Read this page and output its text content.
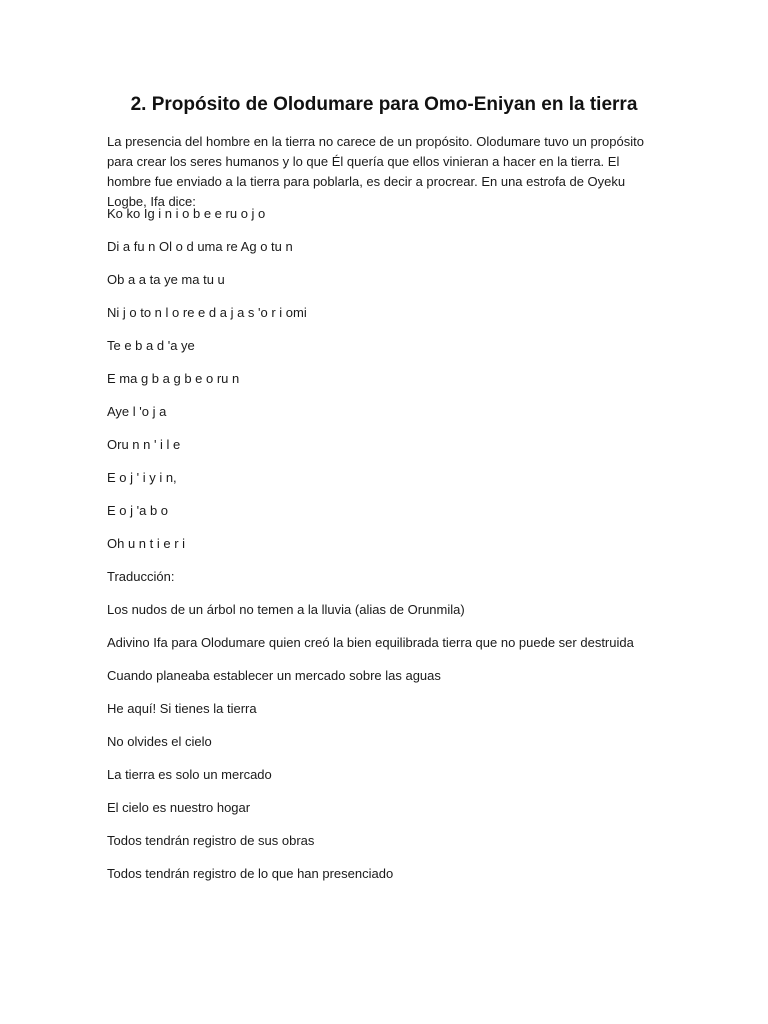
2. Propósito de Olodumare para Omo-Eniyan en la tierra

La presencia del hombre en la tierra no carece de un propósito. Olodumare tuvo un propósito para crear los seres humanos y lo que Él quería que ellos vinieran a hacer en la tierra. El hombre fue enviado a la tierra para poblarla, es decir a procrear. En una estrofa de Oyeku Logbe, Ifa dice:

Ko ko Ig i n i o b e e ru o j o
Di a fu n Ol o d uma re Ag o tu n
Ob a a ta ye ma tu u
Ni j o to n l o re e d a j a s 'o r i omi
Te e b a d 'a ye
E ma g b a g b e o ru n
Aye l 'o j a
Oru n n ' i l e
E o j ' i y i n,
E o j 'a b o
Oh u n t i e r i
Traducción:
Los nudos de un árbol no temen a la lluvia (alias de Orunmila)
Adivino Ifa para Olodumare quien creó la bien equilibrada tierra que no puede ser destruida
Cuando planeaba establecer un mercado sobre las aguas
He aquí! Si tienes la tierra
No olvides el cielo
La tierra es solo un mercado
El cielo es nuestro hogar
Todos tendrán registro de sus obras
Todos tendrán registro de lo que han presenciado
